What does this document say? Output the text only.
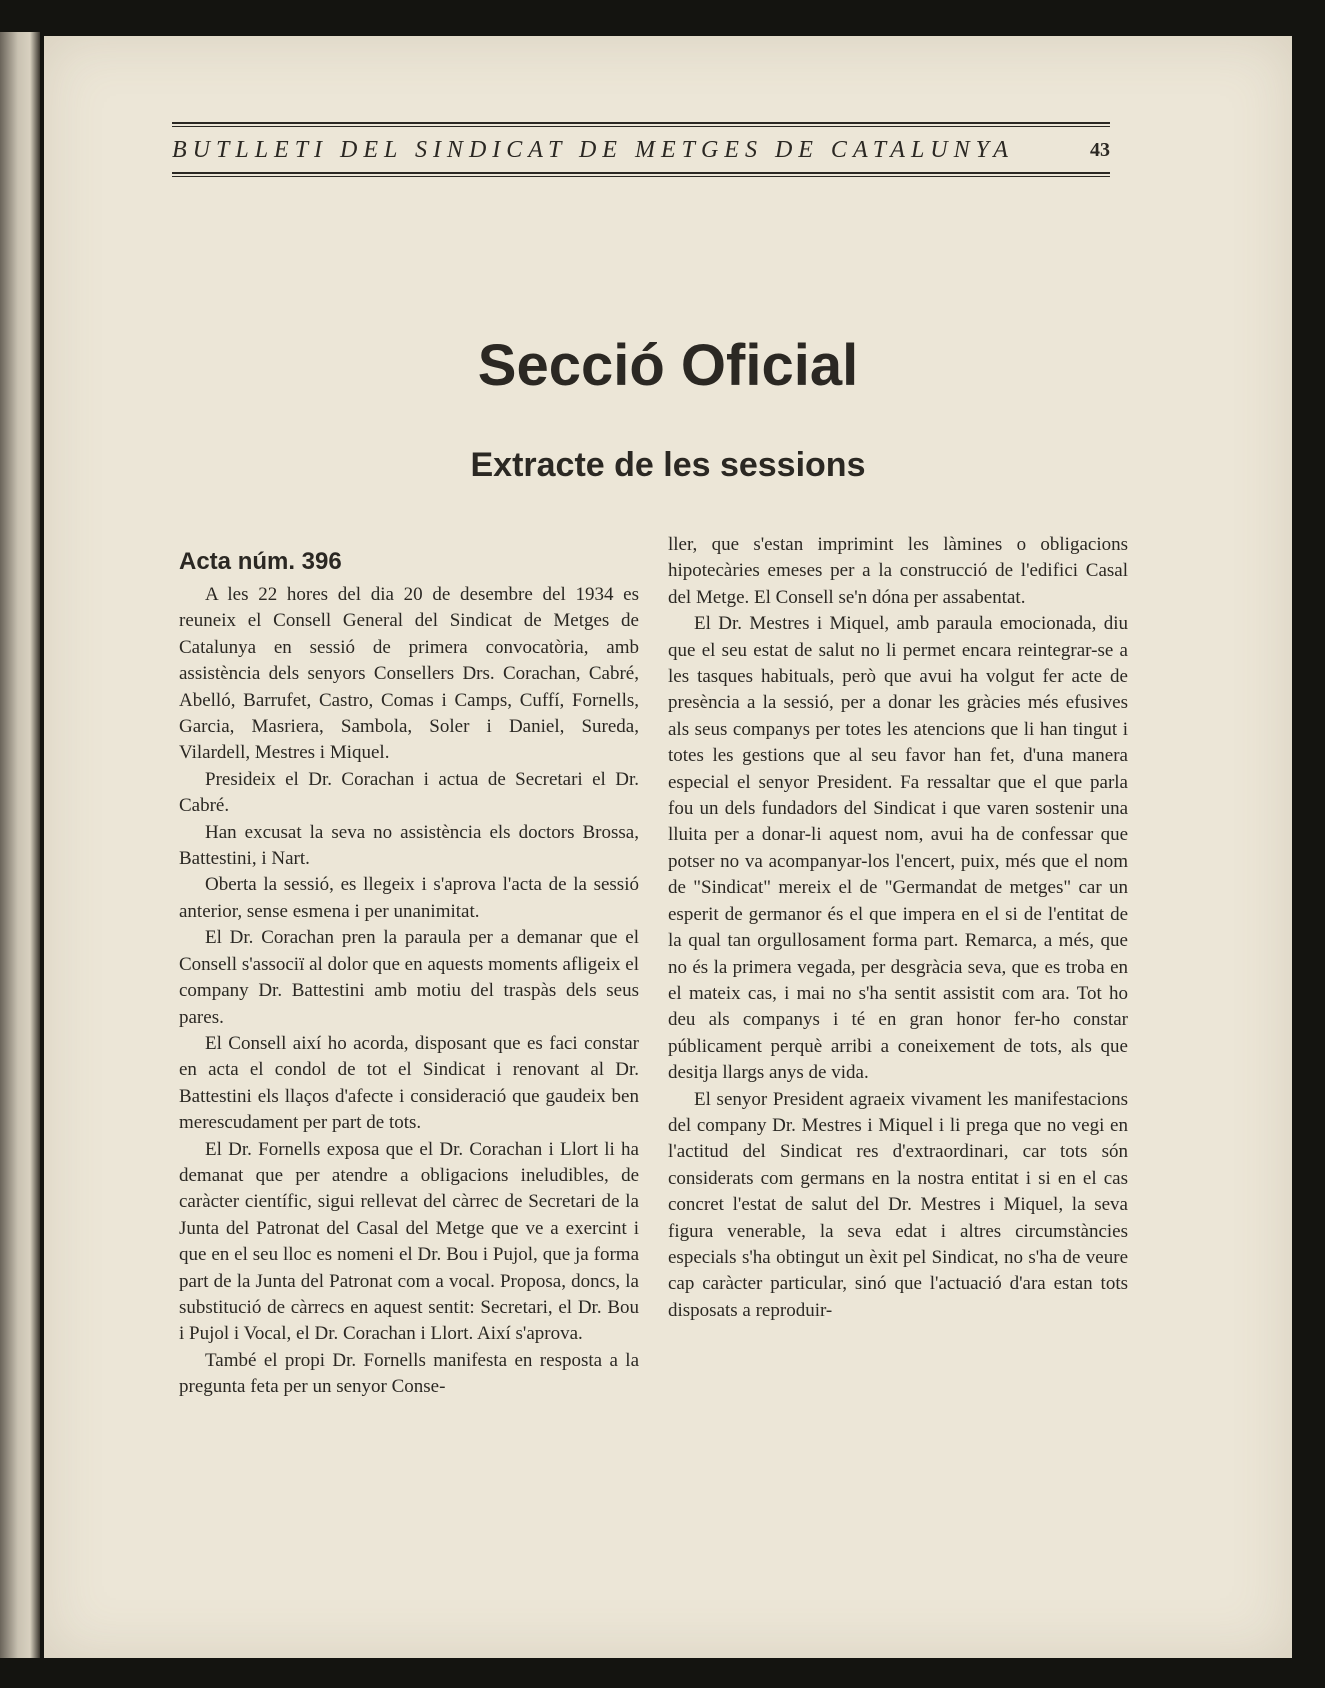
BUTLLETI DEL SINDICAT DE METGES DE CATALUNYA	43
Secció Oficial
Extracte de les sessions
Acta núm. 396

A les 22 hores del dia 20 de desembre del 1934 es reuneix el Consell General del Sindicat de Metges de Catalunya en sessió de primera convocatòria, amb assistència dels senyors Consellers Drs. Corachan, Cabré, Abelló, Barrufet, Castro, Comas i Camps, Cuffí, Fornells, Garcia, Masriera, Sambola, Soler i Daniel, Sureda, Vilardell, Mestres i Miquel.

Presideix el Dr. Corachan i actua de Secretari el Dr. Cabré.

Han excusat la seva no assistència els doctors Brossa, Battestini, i Nart.

Oberta la sessió, es llegeix i s'aprova l'acta de la sessió anterior, sense esmena i per unanimitat.

El Dr. Corachan pren la paraula per a demanar que el Consell s'associï al dolor que en aquests moments afligeix el company Dr. Battestini amb motiu del traspàs dels seus pares.

El Consell així ho acorda, disposant que es faci constar en acta el condol de tot el Sindicat i renovant al Dr. Battestini els llaços d'afecte i consideració que gaudeix ben merescudament per part de tots.

El Dr. Fornells exposa que el Dr. Corachan i Llort li ha demanat que per atendre a obligacions ineludibles, de caràcter científic, sigui rellevat del càrrec de Secretari de la Junta del Patronat del Casal del Metge que ve a exercint i que en el seu lloc es nomeni el Dr. Bou i Pujol, que ja forma part de la Junta del Patronat com a vocal. Proposa, doncs, la substitució de càrrecs en aquest sentit: Secretari, el Dr. Bou i Pujol i Vocal, el Dr. Corachan i Llort. Així s'aprova.

També el propi Dr. Fornells manifesta en resposta a la pregunta feta per un senyor Conse-

ller, que s'estan imprimint les làmines o obligacions hipotecàries emeses per a la construcció de l'edifici Casal del Metge. El Consell se'n dóna per assabentat.

El Dr. Mestres i Miquel, amb paraula emocionada, diu que el seu estat de salut no li permet encara reintegrar-se a les tasques habituals, però que avui ha volgut fer acte de presència a la sessió, per a donar les gràcies més efusives als seus companys per totes les atencions que li han tingut i totes les gestions que al seu favor han fet, d'una manera especial el senyor President. Fa ressaltar que el que parla fou un dels fundadors del Sindicat i que varen sostenir una lluita per a donar-li aquest nom, avui ha de confessar que potser no va acompanyar-los l'encert, puix, més que el nom de "Sindicat" mereix el de "Germandat de metges" car un esperit de germanor és el que impera en el si de l'entitat de la qual tan orgullosament forma part. Remarca, a més, que no és la primera vegada, per desgràcia seva, que es troba en el mateix cas, i mai no s'ha sentit assistit com ara. Tot ho deu als companys i té en gran honor fer-ho constar públicament perquè arribi a coneixement de tots, als que desitja llargs anys de vida.

El senyor President agraeix vivament les manifestacions del company Dr. Mestres i Miquel i li prega que no vegi en l'actitud del Sindicat res d'extraordinari, car tots són considerats com germans en la nostra entitat i si en el cas concret l'estat de salut del Dr. Mestres i Miquel, la seva figura venerable, la seva edat i altres circumstàncies especials s'ha obtingut un èxit pel Sindicat, no s'ha de veure cap caràcter particular, sinó que l'actuació d'ara estan tots disposats a reproduir-
